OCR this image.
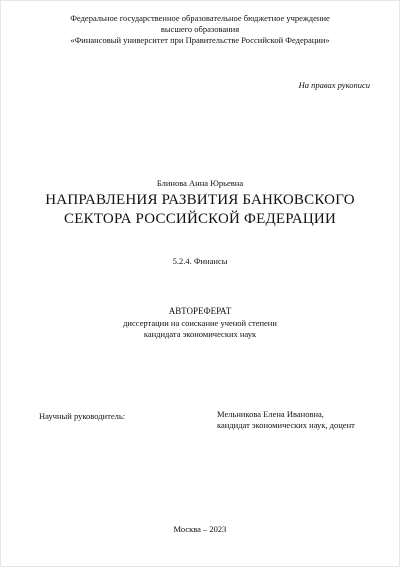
Федеральное государственное образовательное бюджетное учреждение
высшего образования
«Финансовый университет при Правительстве Российской Федерации»
На правах рукописи
Блинова Анна Юрьевна
НАПРАВЛЕНИЯ РАЗВИТИЯ БАНКОВСКОГО
СЕКТОРА РОССИЙСКОЙ ФЕДЕРАЦИИ
5.2.4. Финансы
АВТОРЕФЕРАТ
диссертации на соискание ученой степени
кандидата экономических наук
Научный руководитель:	Мельникова Елена Ивановна,
кандидат экономических наук, доцент
Москва – 2023
